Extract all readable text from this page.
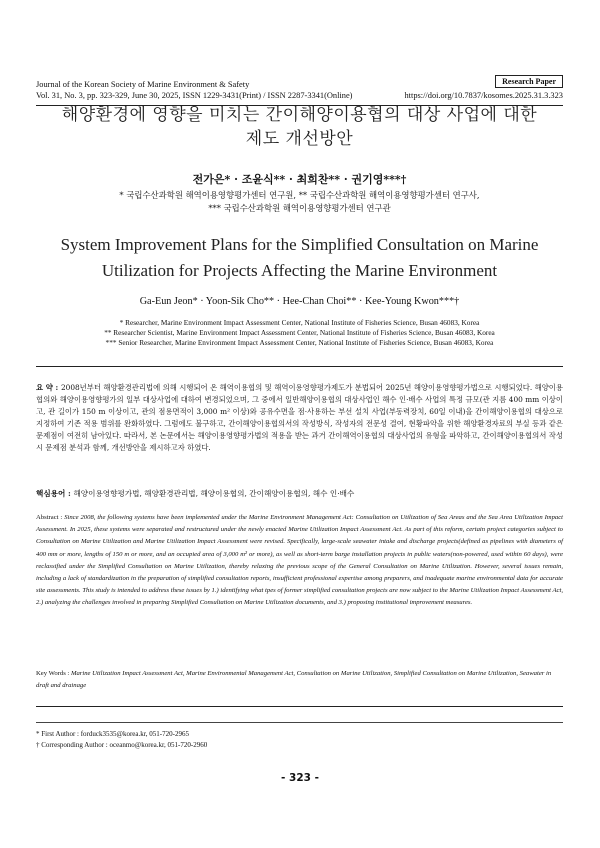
Journal of the Korean Society of Marine Environment & Safety
Vol. 31, No. 3, pp. 323-329, June 30, 2025, ISSN 1229-3431(Print) / ISSN 2287-3341(Online)
Research Paper
https://doi.org/10.7837/kosomes.2025.31.3.323
해양환경에 영향을 미치는 간이해양이용협의 대상 사업에 대한
제도 개선방안
전가은* · 조윤식** · 최희찬** · 권기영***†
* 국립수산과학원 해역이용영향평가센터 연구원, ** 국립수산과학원 해역이용영향평가센터 연구사,
*** 국립수산과학원 해역이용영향평가센터 연구관
System Improvement Plans for the Simplified Consultation on Marine
Utilization for Projects Affecting the Marine Environment
Ga-Eun Jeon* · Yoon-Sik Cho** · Hee-Chan Choi** · Kee-Young Kwon***†
* Researcher, Marine Environment Impact Assessment Center, National Institute of Fisheries Science, Busan 46083, Korea
** Researcher Scientist, Marine Environment Impact Assessment Center, National Institute of Fisheries Science, Busan 46083, Korea
*** Senior Researcher, Marine Environment Impact Assessment Center, National Institute of Fisheries Science, Busan 46083, Korea
요 약 : 2008년부터 해양환경관리법에 의해 시행되어 온 해역이용협의 및 해역이용영향평가제도가 분법되어 2025년 해양이용영향평가법으로 시행되었다. 해양이용협의와 해양이용영향평가의 일부 대상사업에 대하여 변경되었으며, 그 중에서 일반해양이용협의 대상사업인 해수 인·배수 사업의 특정 규모(관 지름 400 mm 이상이고, 관 길이가 150 m 이상이고, 관의 점용면적이 3,000 m² 이상)와 공유수면을 점·사용하는 부선 설치 사업(부동력장치, 60일 이내)을 간이해양이용협의 대상으로 지정하여 기존 적용 범위를 완화하였다. 그럼에도 불구하고, 간이해양이용협의서의 작성방식, 작성자의 전문성 결여, 현황파악을 위한 해양환경자료의 부실 등과 같은 문제점이 여전히 남아있다. 따라서, 본 논문에서는 해양이용영향평가법의 적용을 받는 과거 간이해역이용협의 대상사업의 유형을 파악하고, 간이해양이용협의서 작성 시 문제점 분석과 함께, 개선방안을 제시하고자 하였다.
핵심용어 : 해양이용영향평가법, 해양환경관리법, 해양이용협의, 간이해양이용협의, 해수 인·배수
Abstract : Since 2008, the following systems have been implemented under the Marine Environment Management Act: Consultation on Utilization of Sea Areas and the Sea Area Utilization Impact Assessment. In 2025, these systems were separated and restructured under the newly enacted Marine Utilization Impact Assessment Act. As part of this reform, certain project categories subject to Consultation on Marine Utilization and Marine Utilization Impact Assessment were revised. Specifically, large-scale seawater intake and discharge projects(defined as pipelines with diameters of 400 mm or more, lengths of 150 m or more, and an occupied area of 3,000 m² or more), as well as short-term barge installation projects in public waters(non-powered, used within 60 days), were reclassified under the Simplified Consultation on Marine Utilization, thereby relaxing the previous scope of the General Consultation on Marine Utilization. However, several issues remain, including a lack of standardization in the preparation of simplified consultation reports, insufficient professional expertise among preparers, and inadequate marine environmental data for accurate site assessments. This study is intended to address these issues by 1.) identifying what tpes of former simplified consultation projects are now subject to the Marine Utilization Impact Assessment Act, 2.) analyzing the challenges involved in preparing Simplified Consultation on Marine Utilization documents, and 3.) proposing institutional improvement measures.
Key Words : Marine Utilization Impact Assessment Act, Marine Environmental Management Act, Consultation on Marine Utilization, Simplified Consultation on Marine Utilization, Seawater in draft and drainage
* First Author : forduck3535@korea.kr, 051-720-2965
† Corresponding Author : oceanmo@korea.kr, 051-720-2960
- 323 -
